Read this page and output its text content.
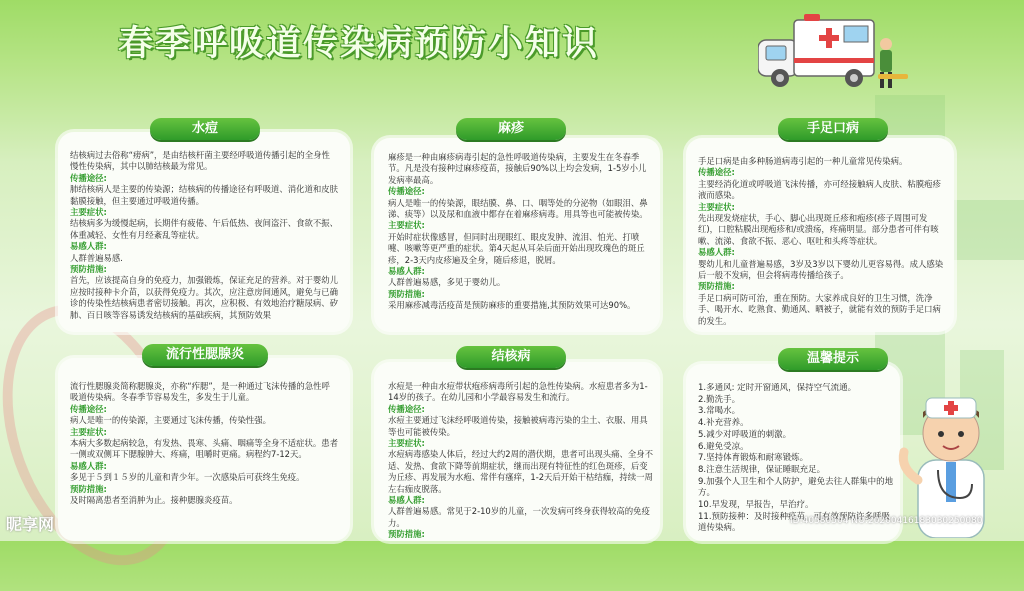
春季呼吸道传染病预防小知识
水痘

结核病过去俗称“痨病”，是由结核杆菌主要经呼吸道传播引起的全身性慢性传染病，其中以肺结核最为常见。

传播途径:

肺结核病人是主要的传染源；结核病的传播途径有呼吸道、消化道和皮肤黏膜接触，但主要通过呼吸道传播。

主要症状:

结核病多为缓慢起病，长期伴有疲倦、午后低热、夜间盗汗、食欲不振、体重减轻、女性有月经紊乱等症状。

易感人群:

人群普遍易感.

预防措施:

首先，应该提高自身的免疫力，加强锻炼，保证充足的营养。对于婴幼儿应按时接种卡介苗，以获得免疫力。其次，应注意房间通风，避免与已确诊的传染性结核病患者密切接触。再次，应积极、有效地治疗糖尿病、矽肺、百日咳等容易诱发结核病的基础疾病，其预防效果

麻疹

麻疹是一种由麻疹病毒引起的急性呼吸道传染病，主要发生在冬春季节。凡是没有接种过麻疹疫苗，接触后90%以上均会发病，1-5岁小儿发病率最高。

传播途径:

病人是唯一的传染源，眼结膜、鼻、口、咽等处的分泌物（如眼泪、鼻涕、痰等）以及尿和血液中都存在着麻疹病毒。用具等也可能被传染。

主要症状:

开始时症状像感冒，但同时出现眼红、眼皮发肿、流泪、怕光、打喷嚏、咳嗽等更严重的症状。第4天起从耳朵后面开始出现玫瑰色的斑丘疹，2-3天内皮疹遍及全身，随后疹退，脱屑。

易感人群:

人群普遍易感，多见于婴幼儿。

预防措施:

采用麻疹减毒活疫苗是预防麻疹的重要措施,其预防效果可达90%。

手足口病

手足口病是由多种肠道病毒引起的一种儿童常见传染病。

传播途径:

主要经消化道或呼吸道飞沫传播，亦可经接触病人皮肤、粘膜疱疹液而感染。

主要症状:

先出现发烧症状，手心、脚心出现斑丘疹和疱疹(疹子周围可发红)，口腔粘膜出现疱疹和/或溃疡，疼痛明显。部分患者可伴有咳嗽、流涕、食欲不振、恶心、呕吐和头疼等症状。

易感人群:

婴幼儿和儿童普遍易感，3岁及3岁以下婴幼儿更容易得。成人感染后一般不发病，但会将病毒传播给孩子。

预防措施:

手足口病可防可治，重在预防。大家养成良好的卫生习惯，洗净手、喝开水、吃熟食、勤通风、晒被子，就能有效的预防手足口病的发生。

流行性腮腺炎

流行性腮腺炎简称腮腺炎，亦称“痄腮”，是一种通过飞沫传播的急性呼吸道传染病。冬春季节容易发生，多发生于儿童。

传播途径:

病人是唯一的传染源，主要通过飞沫传播，传染性强。

主要症状:

本病大多数起病较急，有发热、畏寒、头痛、咽痛等全身不适症状。患者一侧或双侧耳下腮腺肿大、疼痛，咀嚼时更痛。病程约7-12天。

易感人群:

多见于５到１５岁的儿童和青少年。一次感染后可获终生免疫。

预防措施:

及时隔离患者至消肿为止。接种腮腺炎疫苗。

结核病

水痘是一种由水痘带状疱疹病毒所引起的急性传染病。水痘患者多为1-14岁的孩子。在幼儿园和小学最容易发生和流行。

传播途径:

水痘主要通过飞沫经呼吸道传染，接触被病毒污染的尘土、衣服、用具等也可能被传染。

主要症状:

水痘病毒感染人体后，经过大约2周的潜伏期，患者可出现头痛、全身不适、发热、食欲下降等前期症状，继而出现有特征性的红色斑疹，后变为丘疹、再发展为水疱、常伴有瘙痒，1-2天后开始干枯结痂，持续一周左右痂皮脱落。

易感人群:

人群普遍易感。常见于2-10岁的儿童，一次发病可终身获得较高的免疫力。

预防措施:

温馨提示

1.多通风: 定时开窗通风，保持空气流通。

2.勤洗手。

3.常喝水。

4.补充营养。

5.减少对呼吸道的刺激。

6.避免受凉。

7.坚持体育锻炼和耐寒锻炼。

8.注意生活规律，保证睡眠充足。

9.加强个人卫生和个人防护，避免去往人群集中的地方。

10.早发现，早报告，早治疗。

11.预防接种：及时接种疫苗，可有效预防许多呼吸道传染病。

昵享网	ID:40580504 NO:20200416183030250080
